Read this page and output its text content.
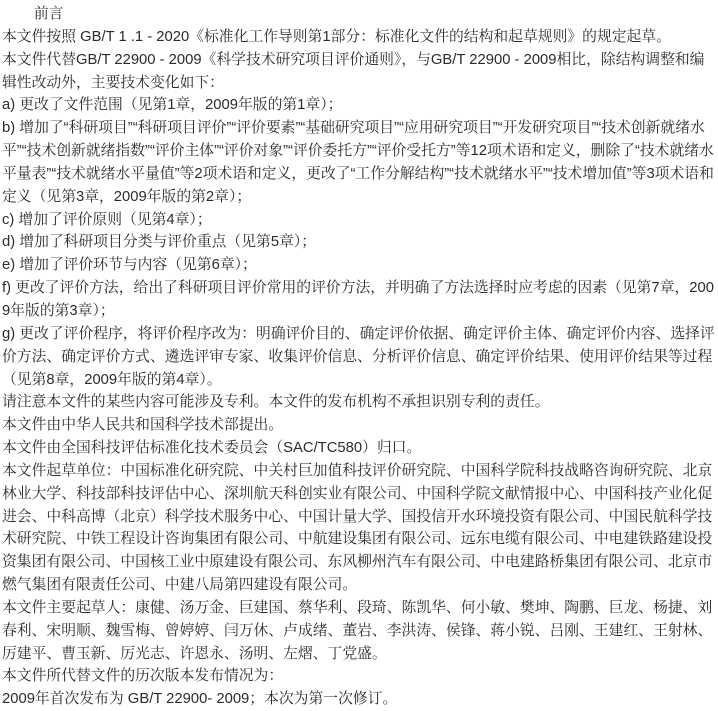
前言

本文件按照 GB/T 1 .1 - 2020《标准化工作导则第1部分：标准化文件的结构和起草规则》的规定起草。
本文件代替GB/T 22900 - 2009《科学技术研究项目评价通则》，与GB/T 22900 - 2009相比，除结构调整和编辑性改动外，主要技术变化如下：
a) 更改了文件范围（见第1章，2009年版的第1章）；
b) 增加了“科研项目”“科研项目评价”“评价要素”“基础研究项目”“应用研究项目”“开发研究项目”“技术创新就绪水平”“技术创新就绪指数”“评价主体”“评价对象”“评价委托方”“评价受托方”等12项术语和定义，删除了“技术就绪水平量表”“技术就绪水平量值”等2项术语和定义，更改了“工作分解结构”“技术就绪水平”“技术增加值”等3项术语和定义（见第3章，2009年版的第2章）；
c) 增加了评价原则（见第4章）；
d) 增加了科研项目分类与评价重点（见第5章）；
e) 增加了评价环节与内容（见第6章）；
f) 更改了评价方法，给出了科研项目评价常用的评价方法，并明确了方法选择时应考虑的因素（见第7章，2009年版的第3章）；
g) 更改了评价程序，将评价程序改为：明确评价目的、确定评价依据、确定评价主体、确定评价内容、选择评价方法、确定评价方式、遴选评审专家、收集评价信息、分析评价信息、确定评价结果、使用评价结果等过程（见第8章，2009年版的第4章）。
请注意本文件的某些内容可能涉及专利。本文件的发布机构不承担识别专利的责任。
本文件由中华人民共和国科学技术部提出。
本文件由全国科技评估标准化技术委员会（SAC/TC580）归口。
本文件起草单位：中国标准化研究院、中关村巨加值科技评价研究院、中国科学院科技战略咨询研究院、北京林业大学、科技部科技评估中心、深圳航天科创实业有限公司、中国科学院文献情报中心、中国科技产业化促进会、中科高博（北京）科学技术服务中心、中国计量大学、国投信开水环境投资有限公司、中国民航科学技术研究院、中铁工程设计咨询集团有限公司、中航建设集团有限公司、远东电缆有限公司、中电建铁路建设投资集团有限公司、中国核工业中原建设有限公司、东风柳州汽车有限公司、中电建路桥集团有限公司、北京市燃气集团有限责任公司、中建八局第四建设有限公司。
本文件主要起草人：康健、汤万金、巨建国、蔡华利、段琦、陈凯华、何小敏、樊坤、陶鹏、巨龙、杨捷、刘春利、宋明顺、魏雪梅、曾婷婷、闫万休、卢成绪、董岩、李洪涛、侯锋、蒋小锐、吕刚、王建红、王射林、厉建平、曹玉新、厉光志、许恩永、汤明、左熠、丁党盛。
本文件所代替文件的历次版本发布情况为：
2009年首次发布为 GB/T 22900- 2009；本次为第一次修订。
